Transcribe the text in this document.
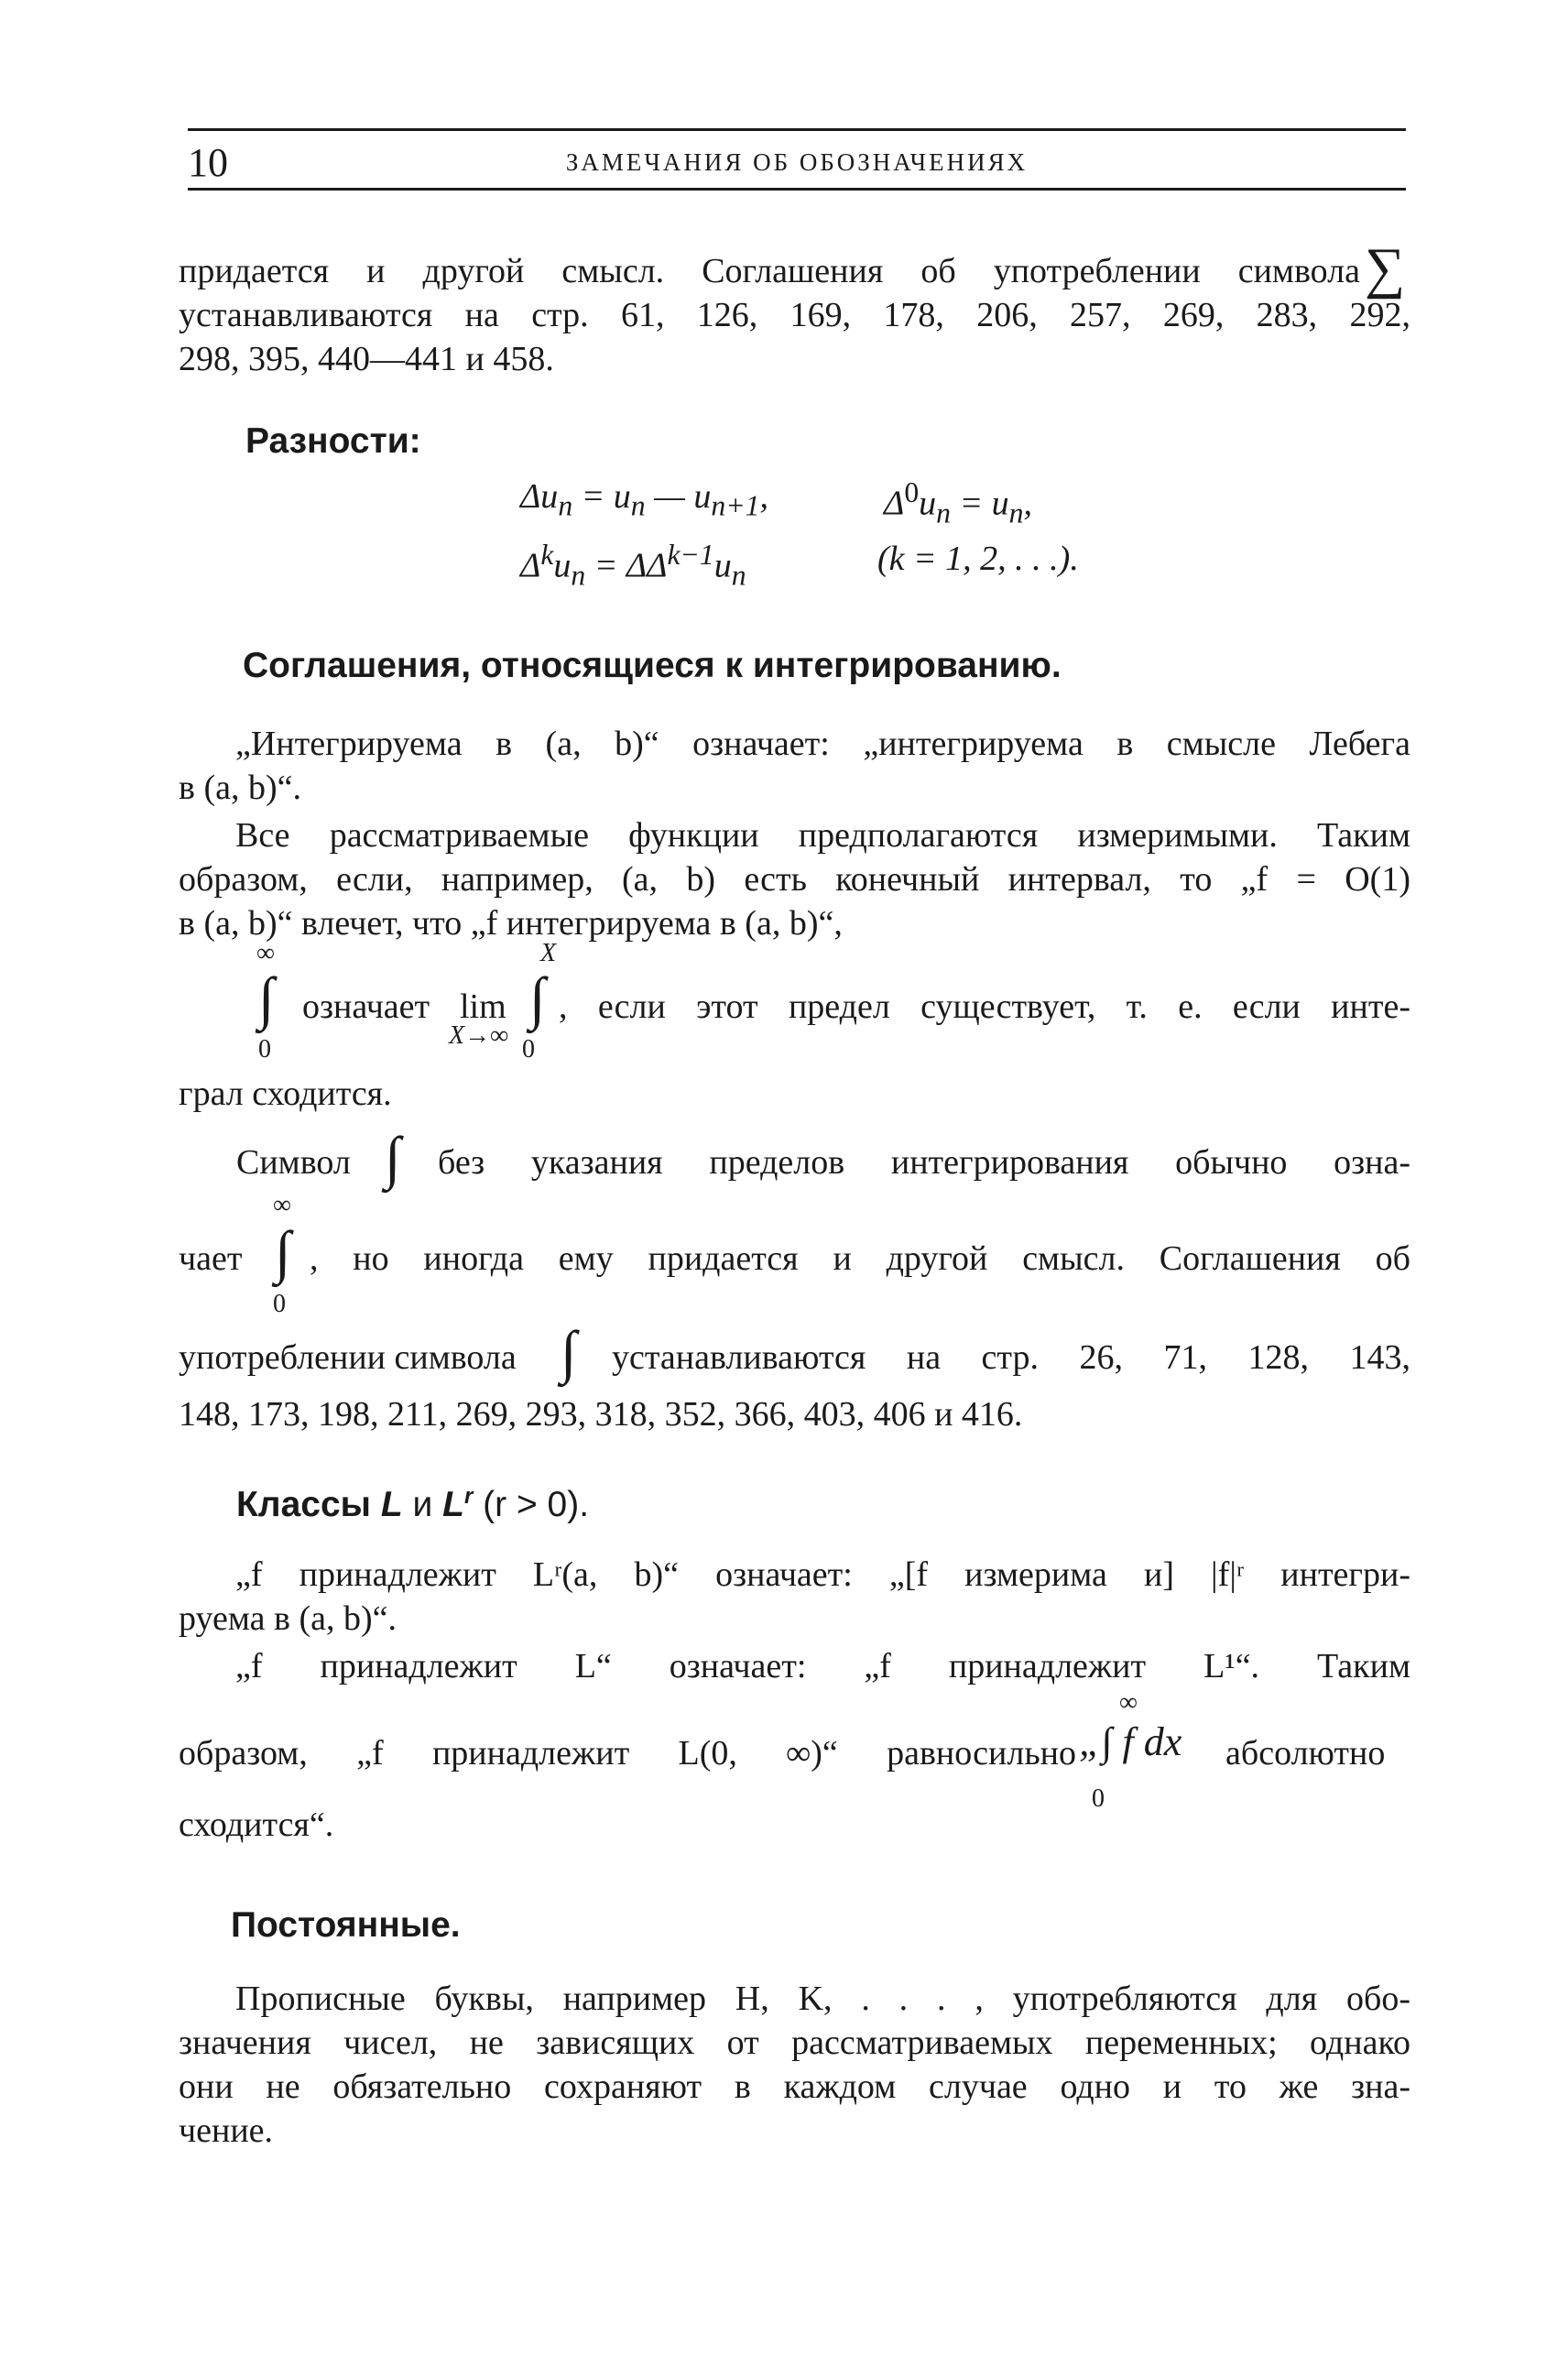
10	ЗАМЕЧАНИЯ ОБ ОБОЗНАЧЕНИЯХ
придается и другой смысл. Соглашения об употреблении символа ∑
устанавливаются на стр. 61, 126, 169, 178, 206, 257, 269, 283, 292,
298, 395, 440—441 и 458.
Разности:
$\Delta u_n = u_n$ — $u_{n+1}$,	$\Delta^0u_n = u_n$,
$\Delta^ku_n = \Delta\Delta^{k-1}u_n$	(k = 1, 2, . . .).
Соглашения, относящиеся к интегрированию.
„Интегрируема в (a, b)“ означает: „интегрируема в смысле Лебега
в (a, b)“.
Все рассматриваемые функции предполагаются измеримыми. Таким
образом, если, например, (a, b) есть конечный интервал, то „f = O(1)
в (a, b)“ влечет, что „f интегрируема в (a, b)“,
∞
∫
0
означает lim
X→∞
X
∫
0
, если этот предел существует, т. е. если инте-
грал сходится.
Символ ∫ без указания пределов интегрирования обычно озна-
∞
чает ∫
0
, но иногда ему придается и другой смысл. Соглашения об
употреблении символа ∫ устанавливаются на стр. 26, 71, 128, 143,
148, 173, 198, 211, 269, 293, 318, 352, 366, 403, 406 и 416.
Классы L и $L^r$ (r > 0).
„f принадлежит Lʳ(a, b)“ означает: „[f измерима и] |f|ʳ интегри-
руема в (a, b)“.
„f принадлежит L“ означает: „f принадлежит L¹“. Таким
∞
образом, „f принадлежит L(0, ∞)“ равносильно „∫ f dx
0
абсолютно
сходится“.
Постоянные.
Прописные буквы, например H, K, . . . , употребляются для обо-
значения чисел, не зависящих от рассматриваемых переменных; однако
они не обязательно сохраняют в каждом случае одно и то же зна-
чение.
